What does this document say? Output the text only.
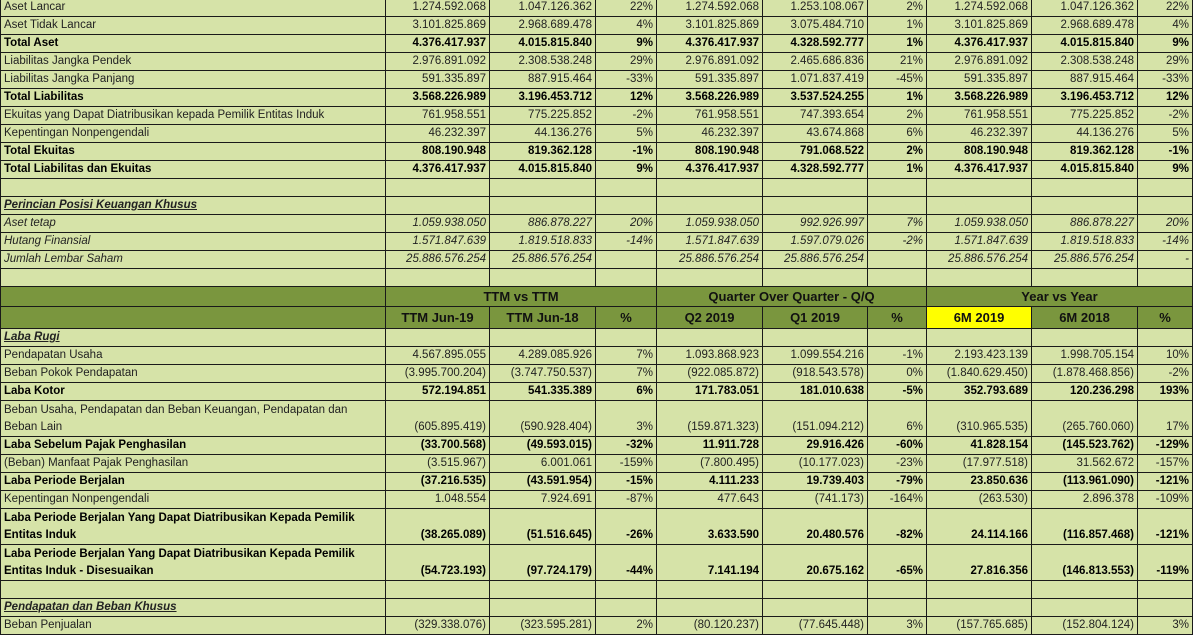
Aset Lancar	1.274.592.068	1.047.126.362	22%	1.274.592.068	1.253.108.067	2%	1.274.592.068	1.047.126.362	22%
Aset Tidak Lancar	3.101.825.869	2.968.689.478	4%	3.101.825.869	3.075.484.710	1%	3.101.825.869	2.968.689.478	4%
Total Aset	4.376.417.937	4.015.815.840	9%	4.376.417.937	4.328.592.777	1%	4.376.417.937	4.015.815.840	9%
Liabilitas Jangka Pendek	2.976.891.092	2.308.538.248	29%	2.976.891.092	2.465.686.836	21%	2.976.891.092	2.308.538.248	29%
Liabilitas Jangka Panjang	591.335.897	887.915.464	-33%	591.335.897	1.071.837.419	-45%	591.335.897	887.915.464	-33%
Total Liabilitas	3.568.226.989	3.196.453.712	12%	3.568.226.989	3.537.524.255	1%	3.568.226.989	3.196.453.712	12%
Ekuitas yang Dapat Diatribusikan kepada Pemilik Entitas Induk	761.958.551	775.225.852	-2%	761.958.551	747.393.654	2%	761.958.551	775.225.852	-2%
Kepentingan Nonpengendali	46.232.397	44.136.276	5%	46.232.397	43.674.868	6%	46.232.397	44.136.276	5%
Total Ekuitas	808.190.948	819.362.128	-1%	808.190.948	791.068.522	2%	808.190.948	819.362.128	-1%
Total Liabilitas dan Ekuitas	4.376.417.937	4.015.815.840	9%	4.376.417.937	4.328.592.777	1%	4.376.417.937	4.015.815.840	9%

Perincian Posisi Keuangan Khusus									
Aset tetap	1.059.938.050	886.878.227	20%	1.059.938.050	992.926.997	7%	1.059.938.050	886.878.227	20%
Hutang Finansial	1.571.847.639	1.819.518.833	-14%	1.571.847.639	1.597.079.026	-2%	1.571.847.639	1.819.518.833	-14%
Jumlah Lembar Saham	25.886.576.254	25.886.576.254		25.886.576.254	25.886.576.254		25.886.576.254	25.886.576.254	-

	TTM vs TTM			Quarter Over Quarter - Q/Q			Year vs Year		
	TTM Jun-19	TTM Jun-18	%	Q2 2019	Q1 2019	%	6M 2019	6M 2018	%
Laba Rugi									
Pendapatan Usaha	4.567.895.055	4.289.085.926	7%	1.093.868.923	1.099.554.216	-1%	2.193.423.139	1.998.705.154	10%
Beban Pokok Pendapatan	(3.995.700.204)	(3.747.750.537)	7%	(922.085.872)	(918.543.578)	0%	(1.840.629.450)	(1.878.468.856)	-2%
Laba Kotor	572.194.851	541.335.389	6%	171.783.051	181.010.638	-5%	352.793.689	120.236.298	193%
Beban Usaha, Pendapatan dan Beban Keuangan, Pendapatan dan Beban Lain	(605.895.419)	(590.928.404)	3%	(159.871.323)	(151.094.212)	6%	(310.965.535)	(265.760.060)	17%
Laba Sebelum Pajak Penghasilan	(33.700.568)	(49.593.015)	-32%	11.911.728	29.916.426	-60%	41.828.154	(145.523.762)	-129%
(Beban) Manfaat Pajak Penghasilan	(3.515.967)	6.001.061	-159%	(7.800.495)	(10.177.023)	-23%	(17.977.518)	31.562.672	-157%
Laba Periode Berjalan	(37.216.535)	(43.591.954)	-15%	4.111.233	19.739.403	-79%	23.850.636	(113.961.090)	-121%
Kepentingan Nonpengendali	1.048.554	7.924.691	-87%	477.643	(741.173)	-164%	(263.530)	2.896.378	-109%
Laba Periode Berjalan Yang Dapat Diatribusikan Kepada Pemilik Entitas Induk	(38.265.089)	(51.516.645)	-26%	3.633.590	20.480.576	-82%	24.114.166	(116.857.468)	-121%
Laba Periode Berjalan Yang Dapat Diatribusikan Kepada Pemilik Entitas Induk - Disesuaikan	(54.723.193)	(97.724.179)	-44%	7.141.194	20.675.162	-65%	27.816.356	(146.813.553)	-119%

Pendapatan dan Beban Khusus									
Beban Penjualan	(329.338.076)	(323.595.281)	2%	(80.120.237)	(77.645.448)	3%	(157.765.685)	(152.804.124)	3%
